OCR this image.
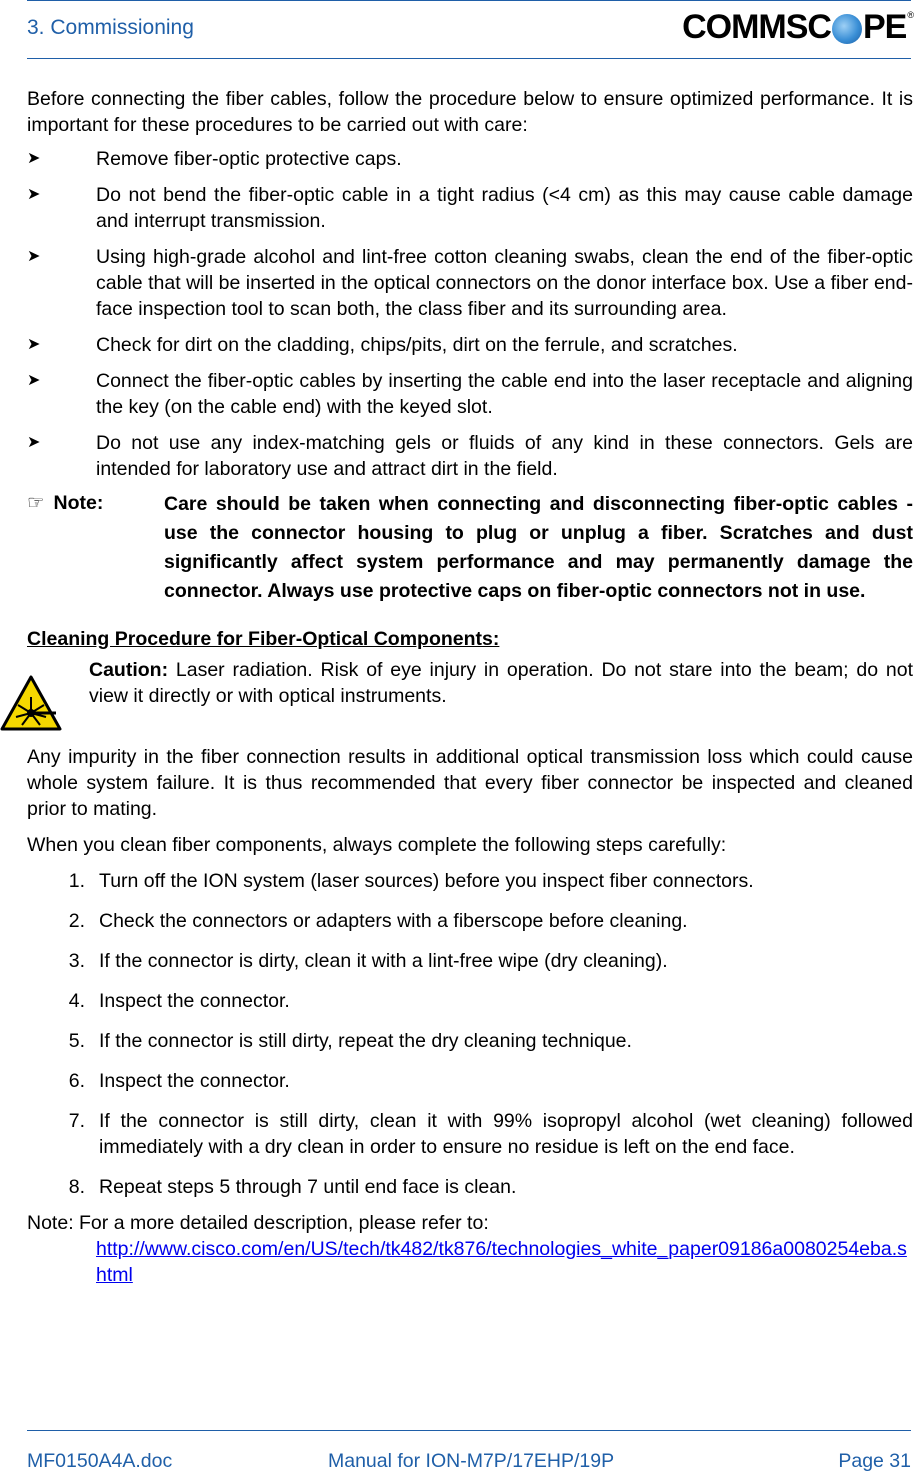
3. Commissioning	COMMSC PE®

Before connecting the fiber cables, follow the procedure below to ensure optimized performance. It is important for these procedures to be carried out with care:

➤	Remove fiber-optic protective caps.
➤	Do not bend the fiber-optic cable in a tight radius (<4 cm) as this may cause cable damage and interrupt transmission.
➤	Using high-grade alcohol and lint-free cotton cleaning swabs, clean the end of the fiber-optic cable that will be inserted in the optical connectors on the donor interface box. Use a fiber end-face inspection tool to scan both, the class fiber and its surrounding area.
➤	Check for dirt on the cladding, chips/pits, dirt on the ferrule, and scratches.
➤	Connect the fiber-optic cables by inserting the cable end into the laser receptacle and aligning the key (on the cable end) with the keyed slot.
➤	Do not use any index-matching gels or fluids of any kind in these connectors. Gels are intended for laboratory use and attract dirt in the field.
☞ Note:	Care should be taken when connecting and disconnecting fiber-optic cables - use the connector housing to plug or unplug a fiber. Scratches and dust significantly affect system performance and may permanently damage the connector. Always use protective caps on fiber-optic connectors not in use.

Cleaning Procedure for Fiber-Optical Components:

Caution: Laser radiation. Risk of eye injury in operation. Do not stare into the beam; do not view it directly or with optical instruments.

Any impurity in the fiber connection results in additional optical transmission loss which could cause whole system failure. It is thus recommended that every fiber connector be inspected and cleaned prior to mating.

When you clean fiber components, always complete the following steps carefully:

1. Turn off the ION system (laser sources) before you inspect fiber connectors.
2. Check the connectors or adapters with a fiberscope before cleaning.
3. If the connector is dirty, clean it with a lint-free wipe (dry cleaning).
4. Inspect the connector.
5. If the connector is still dirty, repeat the dry cleaning technique.
6. Inspect the connector.
7. If the connector is still dirty, clean it with 99% isopropyl alcohol (wet cleaning) followed immediately with a dry clean in order to ensure no residue is left on the end face.
8. Repeat steps 5 through 7 until end face is clean.

Note: For a more detailed description, please refer to:

http://www.cisco.com/en/US/tech/tk482/tk876/technologies_white_paper09186a0080254eba.shtml
MF0150A4A.doc	Manual for ION-M7P/17EHP/19P	Page 31
